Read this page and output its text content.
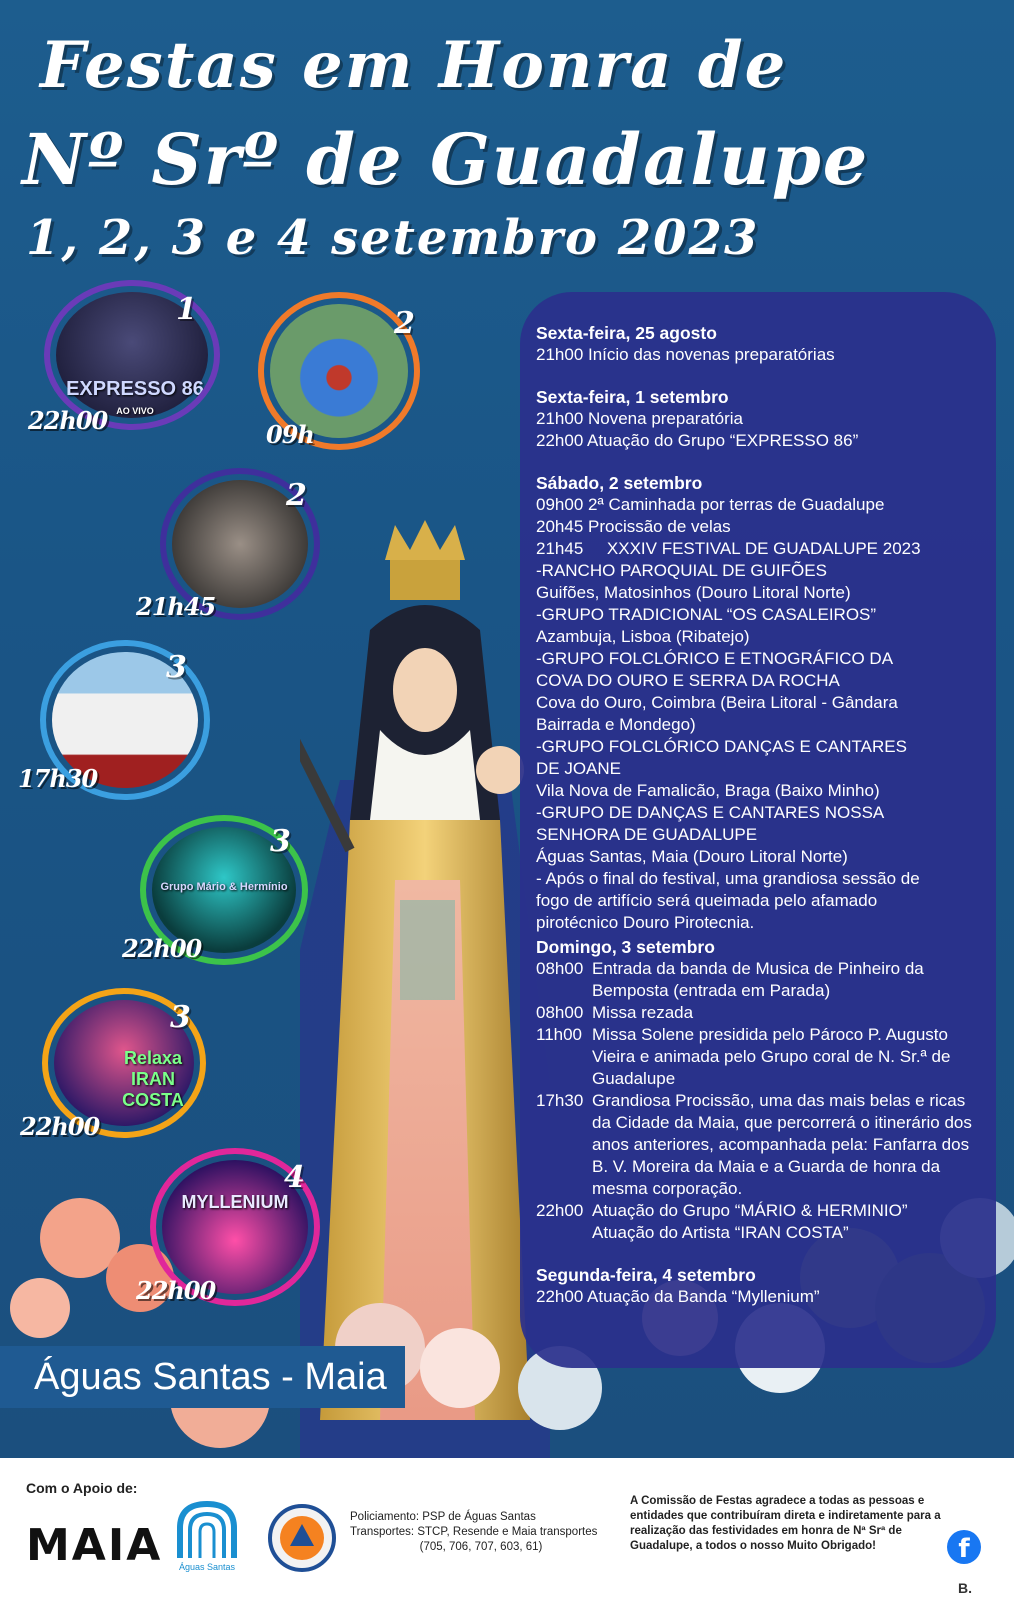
Festas em Honra de
Nº Srº de Guadalupe
1, 2, 3 e 4 setembro 2023
EXPRESSO 86
AO VIVO
1
22h00
2
09h
2
21h45
3
17h30
Grupo Mário & Hermínio
3
22h00
Relaxa IRAN COSTA
3
22h00
MYLLENIUM
4
22h00
Sexta-feira, 25 agosto
21h00 Início das novenas preparatórias
Sexta-feira, 1 setembro
21h00 Novena preparatória
22h00 Atuação do Grupo “EXPRESSO 86”
Sábado, 2 setembro
09h00 2ª Caminhada por terras de Guadalupe
20h45 Procissão de velas
21h45     XXXIV FESTIVAL DE GUADALUPE 2023
-RANCHO PAROQUIAL DE GUIFÕES
Guifões, Matosinhos (Douro Litoral Norte)
-GRUPO TRADICIONAL “OS CASALEIROS”
Azambuja, Lisboa (Ribatejo)
-GRUPO FOLCLÓRICO E ETNOGRÁFICO DA
COVA DO OURO E SERRA DA ROCHA
Cova do Ouro, Coimbra (Beira Litoral - Gândara
Bairrada e Mondego)
-GRUPO FOLCLÓRICO DANÇAS E CANTARES
DE JOANE
Vila Nova de Famalicão, Braga (Baixo Minho)
-GRUPO DE DANÇAS E CANTARES NOSSA
SENHORA DE GUADALUPE
Águas Santas, Maia (Douro Litoral Norte)
- Após o final do festival, uma grandiosa sessão de
fogo de artifício será queimada pelo afamado
pirotécnico Douro Pirotecnia.
Domingo, 3 setembro
08h00 Entrada da banda de Musica de Pinheiro da Bemposta (entrada em Parada)
08h00 Missa rezada
11h00 Missa Solene presidida pelo Pároco P. Augusto Vieira e animada pelo Grupo coral de N. Sr.ª de Guadalupe
17h30 Grandiosa Procissão, uma das mais belas e ricas da Cidade da Maia, que percorrerá o itinerário dos anos anteriores, acompanhada pela: Fanfarra dos B. V. Moreira da Maia e a Guarda de honra da mesma corporação.
22h00 Atuação do Grupo “MÁRIO & HERMINIO”
Atuação do Artista “IRAN COSTA”
Segunda-feira, 4 setembro
22h00 Atuação da Banda “Myllenium”
Águas Santas - Maia
Com o Apoio de:
MAIA Águas Santas
Policiamento: PSP de Águas Santas
Transportes: STCP, Resende e Maia transportes
(705, 706, 707, 603, 61)
A Comissão de Festas agradece a todas as pessoas e entidades que contribuíram direta e indiretamente para a realização das festividades em honra de Nª Srª de Guadalupe, a todos o nosso Muito Obrigado!	f
B.
